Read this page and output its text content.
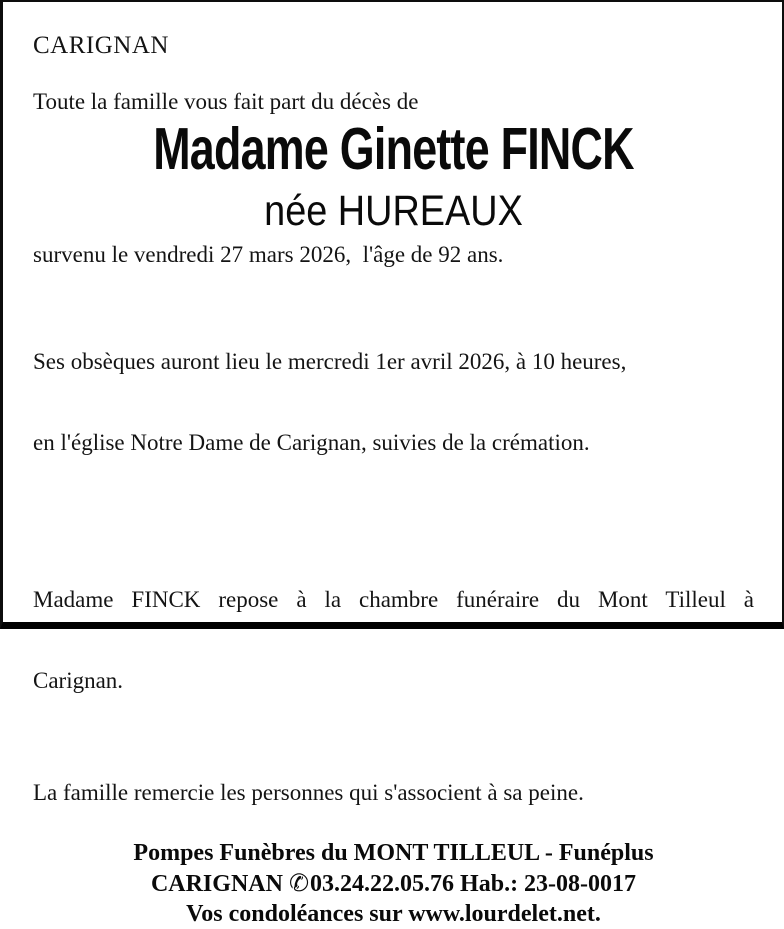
CARIGNAN

Toute la famille vous fait part du décès de

Madame Ginette FINCK
née HUREAUX

survenu le vendredi 27 mars 2026,  l'âge de 92 ans.

Ses obsèques auront lieu le mercredi 1er avril 2026, à 10 heures,

en l'église Notre Dame de Carignan, suivies de la crémation.

Madame FINCK repose à la chambre funéraire du Mont Tilleul à

Carignan.

La famille remercie les personnes qui s'associent à sa peine.

Pompes Funèbres du MONT TILLEUL - Funéplus
CARIGNAN ✆03.24.22.05.76 Hab.: 23-08-0017
Vos condoléances sur www.lourdelet.net.
